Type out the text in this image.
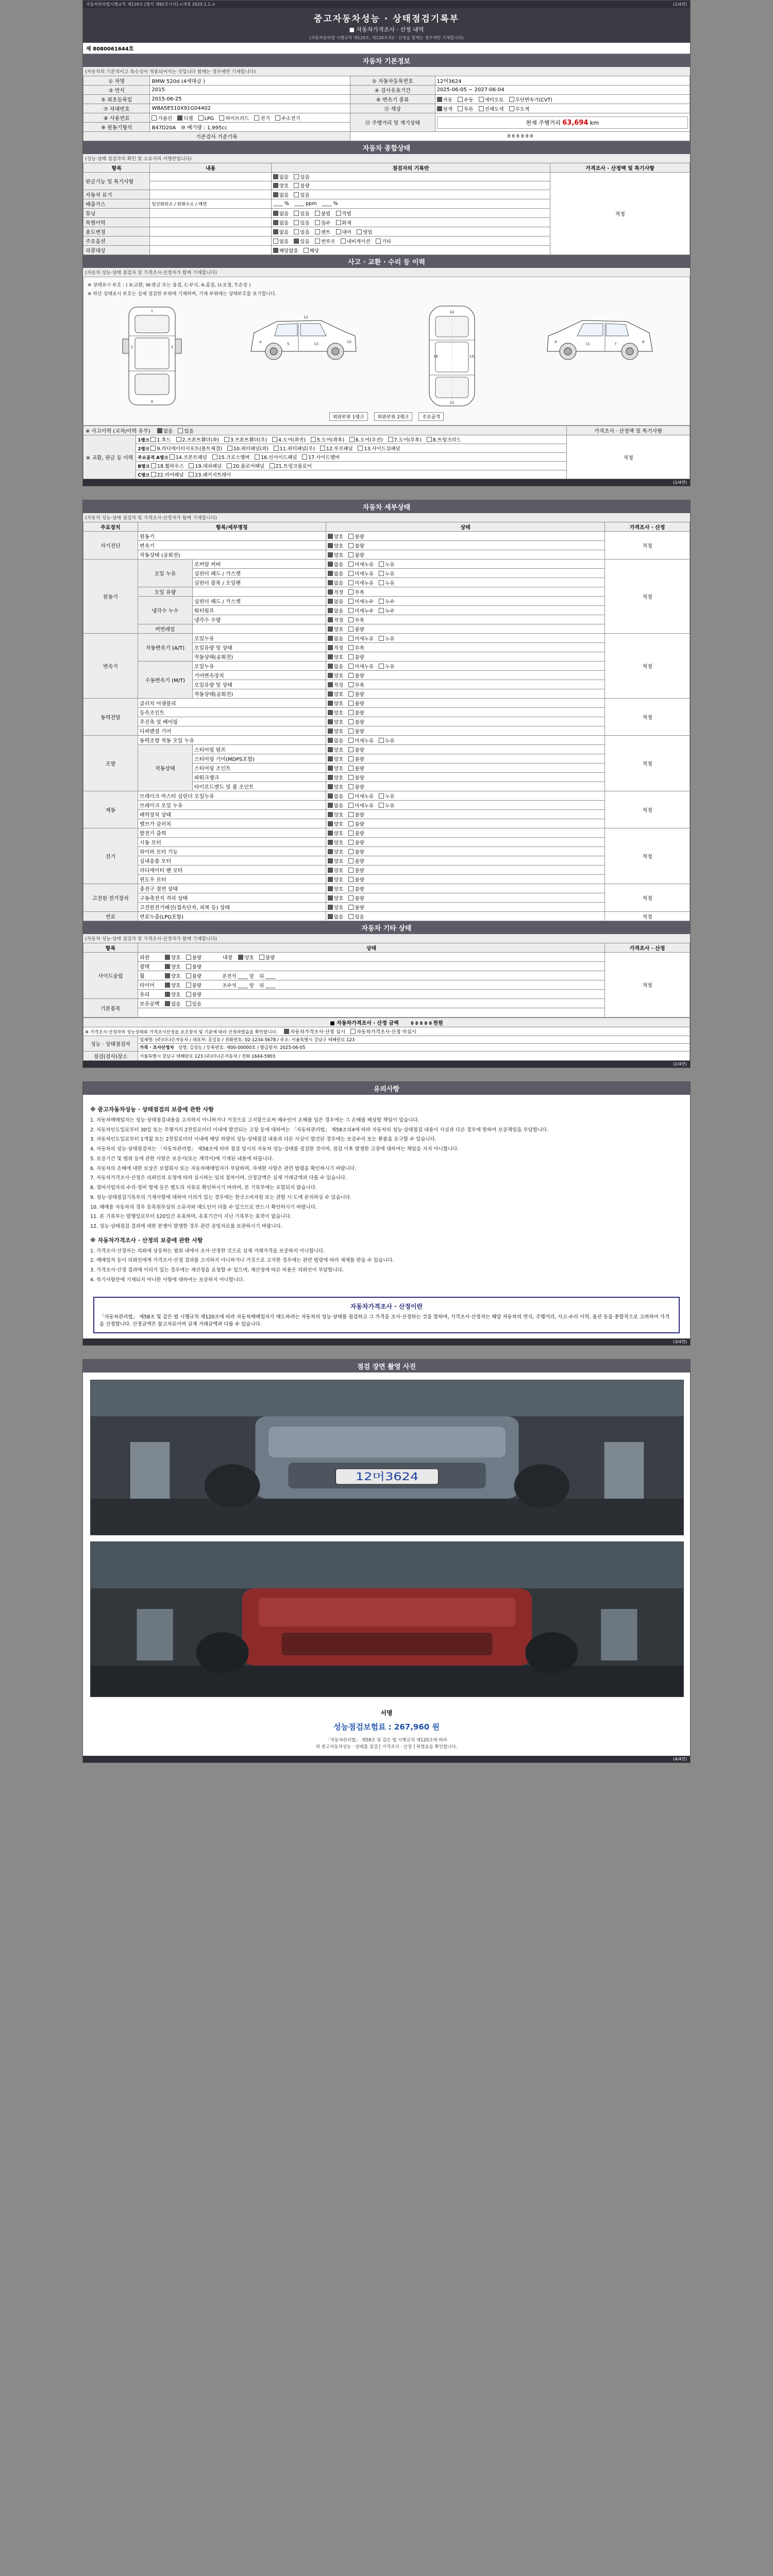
자동차관리법시행규칙 제120조 [별지 제82호서식] <개정 2025.1.1.>	(1/4면)
중고자동차성능 · 상태점검기록부
■ 자동차가격조사 · 산정 내역
(자동차관리법 시행규칙 제120조, 제120조의2 · 산정을 함께는 경우에만 기재합니다)
제 8080061644호
자동차 기본정보
(자동차의 기본적이고 특수성이 적용되어지는 것입니다 함께는 경우에만 기재합니다)
① 차명	BMW 520d (4세대급 )	② 자동차등록번호	12머3624
③ 연식	2015	④ 검사유효기간	2025-06-05 ~ 2027-06-04
⑤ 최초등록일	2015-06-25	⑥ 변속기 종류	자동 수동 세미오토 무단변속기(CVT)
⑦ 차대번호	WBA5E510X91G04402	⑪ 색상	원색 투톤 전체도색 무도색
⑧ 사용연료	가솔린 디젤 LPG 하이브리드 전기 수소전기	⑫ 주행거리 및 계기상태	현재 주행거리 63,694 km

⑨ 원동기형식	B47D20A ⑩ 배기량 : 1,995cc		
기존검사 기준기록		0 0 0 0 0 0	
자동차 종합상태
(성능·상태 점검자의 확인 및 소유자의 서명란입니다)
항목	내용	점검자의 기록란	가격조사 · 산정액 및 특기사항
판금기능 및 특기사항		없음 있음	적정
		양호 불량	
자동차 표기		없음 있음	
배출가스	일산화탄소 / 탄화수소 / 매연	____ % ____ ppm ____ %	
튜닝		없음 있음 불법 적법	
특별이력		없음 있음 침수 화재	
용도변경		없음 있음 렌트 대여 영업	
주요옵션		없음 있음 썬루프 내비게이션 기타	
리콜대상		해당없음 해당	
사고 · 교환 · 수리 등 이력
(자동차 성능·상태 점검자 및 가격조사·산정자가 함께 기재합니다)
※ 상태표시 부호 : ( X:교환, W:판금 또는 용접, C:부식, A:흠집, U:요철, T:손상 )
※ 하단 상태표시 부호는 실제 점검한 부위에 기재하며, 기재 부위에는 상태부호를 표기합니다.
1
2	3
8
4	5	13	10
12
14
18	19
22
6
7
11
9
외판부위 1랭크	외판부위 2랭크	주요골격
※ 사고이력 (교차/이력 유무) 없음 있음		가격조사 · 산정액 및 특기사항
※ 교환, 판금 등 이력	1랭크 1.후드 2.프론트휀더(좌) 3.프론트휀더(우) 4.도어(좌전) 5.도어(좌후) 6.도어(우전) 7.도어(우후) 8.트렁크리드	적정
	2랭크 9.라디에이터서포트(볼트체결) 10.쿼터패널(좌) 11.쿼터패널(우) 12.루프패널 13.사이드실패널	
	주요골격 A랭크 14.프론트패널 15.크로스멤버 16.인사이드패널 17.사이드멤버	
	B랭크 18.휠하우스 19.대쉬패널 20.플로어패널 21.트렁크플로어	
	C랭크 22.리어패널 23.패키지트레이	
(1/4면)
자동차 세부상태
(자동차 성능·상태 점검자 및 가격조사·산정자가 함께 기재합니다)
주요장치	항목/세부명칭		상태	가격조사 · 산정
자기진단	원동기		양호 불량	적정
	변속기		양호 불량	
	작동상태 (공회전)		양호 불량	
원동기	오일 누유	로커암 커버	없음 미세누유 누유	적정
		실린더 헤드 / 가스켓	없음 미세누유 누유	
		실린더 블록 / 오일팬	없음 미세누유 누유	
	오일 유량		적정 부족	
	냉각수 누수	실린더 헤드 / 가스켓	없음 미세누수 누수	
		워터펌프	없음 미세누수 누수	
		냉각수 수량	적정 부족	
	커먼레일		양호 불량	
변속기	자동변속기 (A/T)	오일누유	없음 미세누유 누유	적정
		오일유량 및 상태	적정 부족	
		작동상태(공회전)	양호 불량	
	수동변속기 (M/T)	오일누유	없음 미세누유 누유	
		기어변속장치	양호 불량	
		오일유량 및 상태	적정 부족	
		작동상태(공회전)	양호 불량	
동력전달	클러치 어셈블리		양호 불량	적정
	등속조인트		양호 불량	
	추진축 및 베어링		양호 불량	
	디퍼렌셜 기어		양호 불량	
조향	동력조향 작동 오일 누유		없음 미세누유 누유	적정
	작동상태	스티어링 펌프	양호 불량	
		스티어링 기어(MDPS포함)	양호 불량	
		스티어링 조인트	양호 불량	
		파워크랭크	양호 불량	
		타이로드엔드 및 볼 조인트	양호 불량	
제동	브레이크 마스터 실린더 오일누유		없음 미세누유 누유	적정
	브레이크 오일 누유		없음 미세누유 누유	
	배력장치 상태		양호 불량	
	밸브가 클러치		양호 불량	
전기	발전기 출력		양호 불량	적정
	시동 모터		양호 불량	
	와이퍼 모터 기능		양호 불량	
	실내송풍 모터		양호 불량	
	라디에이터 팬 모터		양호 불량	
	윈도우 모터		양호 불량	
고전원 전기장치	충전구 절연 상태		양호 불량	적정
	구동축전지 격리 상태		양호 불량	
	고전원전기배선(접속단자, 피복 등) 상태		양호 불량	
연료	연료누출(LPG포함)		없음 있음	적정
자동차 기타 상태
(자동차 성능·상태 점검자 및 가격조사·산정자가 함께 기재합니다)
항목	상태	가격조사 · 산정
사이드슬립	외관 양호 불량 내장 양호 불량	적정
	광택 양호 불량	
	휠 양호 불량 운전석 ____ 앞 뒤 ____	
	타이어 양호 불량 조수석 ____ 앞 뒤 ____	
	유리 양호 불량	
기본품목	보유공백 없음 있음	

■ 자동차가격조사 · 산정 금액 0 0 0 0 0 천원	
※ 가격조사·산정자의 성능상태와 가격조사산정을 보조장치 및 기준에 따라 산정하였음을 확인합니다. 자동차가격조사·산정 실시 자동차가격조사·산정 미실시	
성능 · 상태점검자	업체명: (주)더나은자동차 / 대표자: 홍길동 / 전화번호: 02-1234-5678 / 주소: 서울특별시 강남구 테헤란로 123
	가격 · 조사산정자 성명: 김성능 / 등록번호: 제00-00000호 / 발급일자: 2025-06-05
점검(검사)장소	서울특별시 강남구 테헤란로 123 (주)더나은자동차 / 전화 1644-5903
(2/4면)
유의사항
※ 중고자동차성능 · 상태점검의 보증에 관한 사항

1. 자동차매매업자는 성능·상태점검내용을 고지하지 아니하거나 거짓으로 고지함으로써 매수인이 손해를 입은 경우에는 그 손해를 배상할 책임이 있습니다.

2. 자동차인도일로부터 30일 또는 주행거리 2천킬로미터 이내에 발견되는 고장 등에 대하여는 「자동차관리법」 제58조의4에 따라 자동차의 성능·상태점검 내용이 사실과 다른 경우에 한하여 보증책임을 부담합니다.

3. 자동차인도일로부터 1개월 또는 2천킬로미터 이내에 해당 차량의 성능·상태점검 내용과 다른 사실이 발견된 경우에는 보증수리 또는 환불을 요구할 수 있습니다.

4. 자동차의 성능·상태점검자는 「자동차관리법」 제58조에 따라 점검 당시의 자동차 성능·상태를 점검한 것이며, 점검 이후 발생한 고장에 대하여는 책임을 지지 아니합니다.

5. 보증기간 및 범위 등에 관한 사항은 보증서(또는 계약서)에 기재된 내용에 따릅니다.

6. 자동차의 손해에 대한 보상은 보험회사 또는 자동차매매업자가 부담하며, 자세한 사항은 관련 법령을 확인하시기 바랍니다.

7. 자동차가격조사·산정은 의뢰인의 요청에 따라 실시하는 임의 절차이며, 산정금액은 실제 거래금액과 다를 수 있습니다.

8. 정비사업자의 수리·정비 명세 등은 별도의 서류로 확인하시기 바라며, 본 기록부에는 포함되지 않습니다.

9. 성능·상태점검기록부의 기재사항에 대하여 이의가 있는 경우에는 한국소비자원 또는 관할 시·도에 문의하실 수 있습니다.

10. 매매용 자동차의 경우 등록원부상의 소유자와 매도인이 다를 수 있으므로 반드시 확인하시기 바랍니다.

11. 본 기록부는 발행일로부터 120일간 유효하며, 유효기간이 지난 기록부는 효력이 없습니다.

12. 성능·상태점검 결과에 대한 분쟁이 발생한 경우 관련 증빙자료를 보관하시기 바랍니다.

※ 자동차가격조사 · 산정의 보증에 관한 사항

1. 가격조사·산정자는 의뢰에 상응하는 범위 내에서 조사·산정한 것으로 실제 거래가격을 보증하지 아니합니다.

2. 매매업자 등이 의뢰인에게 가격조사·산정 결과를 고지하지 아니하거나 거짓으로 고지한 경우에는 관련 법령에 따라 제재를 받을 수 있습니다.

3. 가격조사·산정 결과에 이의가 있는 경우에는 재산정을 요청할 수 있으며, 재산정에 따른 비용은 의뢰인이 부담합니다.

4. 특기사항란에 기재되지 아니한 사항에 대하여는 보증하지 아니합니다.

자동차가격조사 · 산정이란
「자동차관리법」 제58조 및 같은 법 시행규칙 제120조에 따라 자동차매매업자가 매도하려는 자동차의 성능·상태를 점검하고 그 가격을 조사·산정하는 것을 말하며, 가격조사·산정자는 해당 자동차의 연식, 주행거리, 사고·수리 이력, 옵션 등을 종합적으로 고려하여 가격을 산정합니다. 산정금액은 참고자료이며 실제 거래금액과 다를 수 있습니다.
(3/4면)
점검 장면 촬영 사진
12머3624
서명
성능점검보험료 : 267,960 원
「자동차관리법」 제58조 및 같은 법 시행규칙 제120조에 따라
위 중고자동차성능 · 상태를 점검 [ 가격조사 · 산정 ] 하였음을 확인합니다.
(4/4면)
